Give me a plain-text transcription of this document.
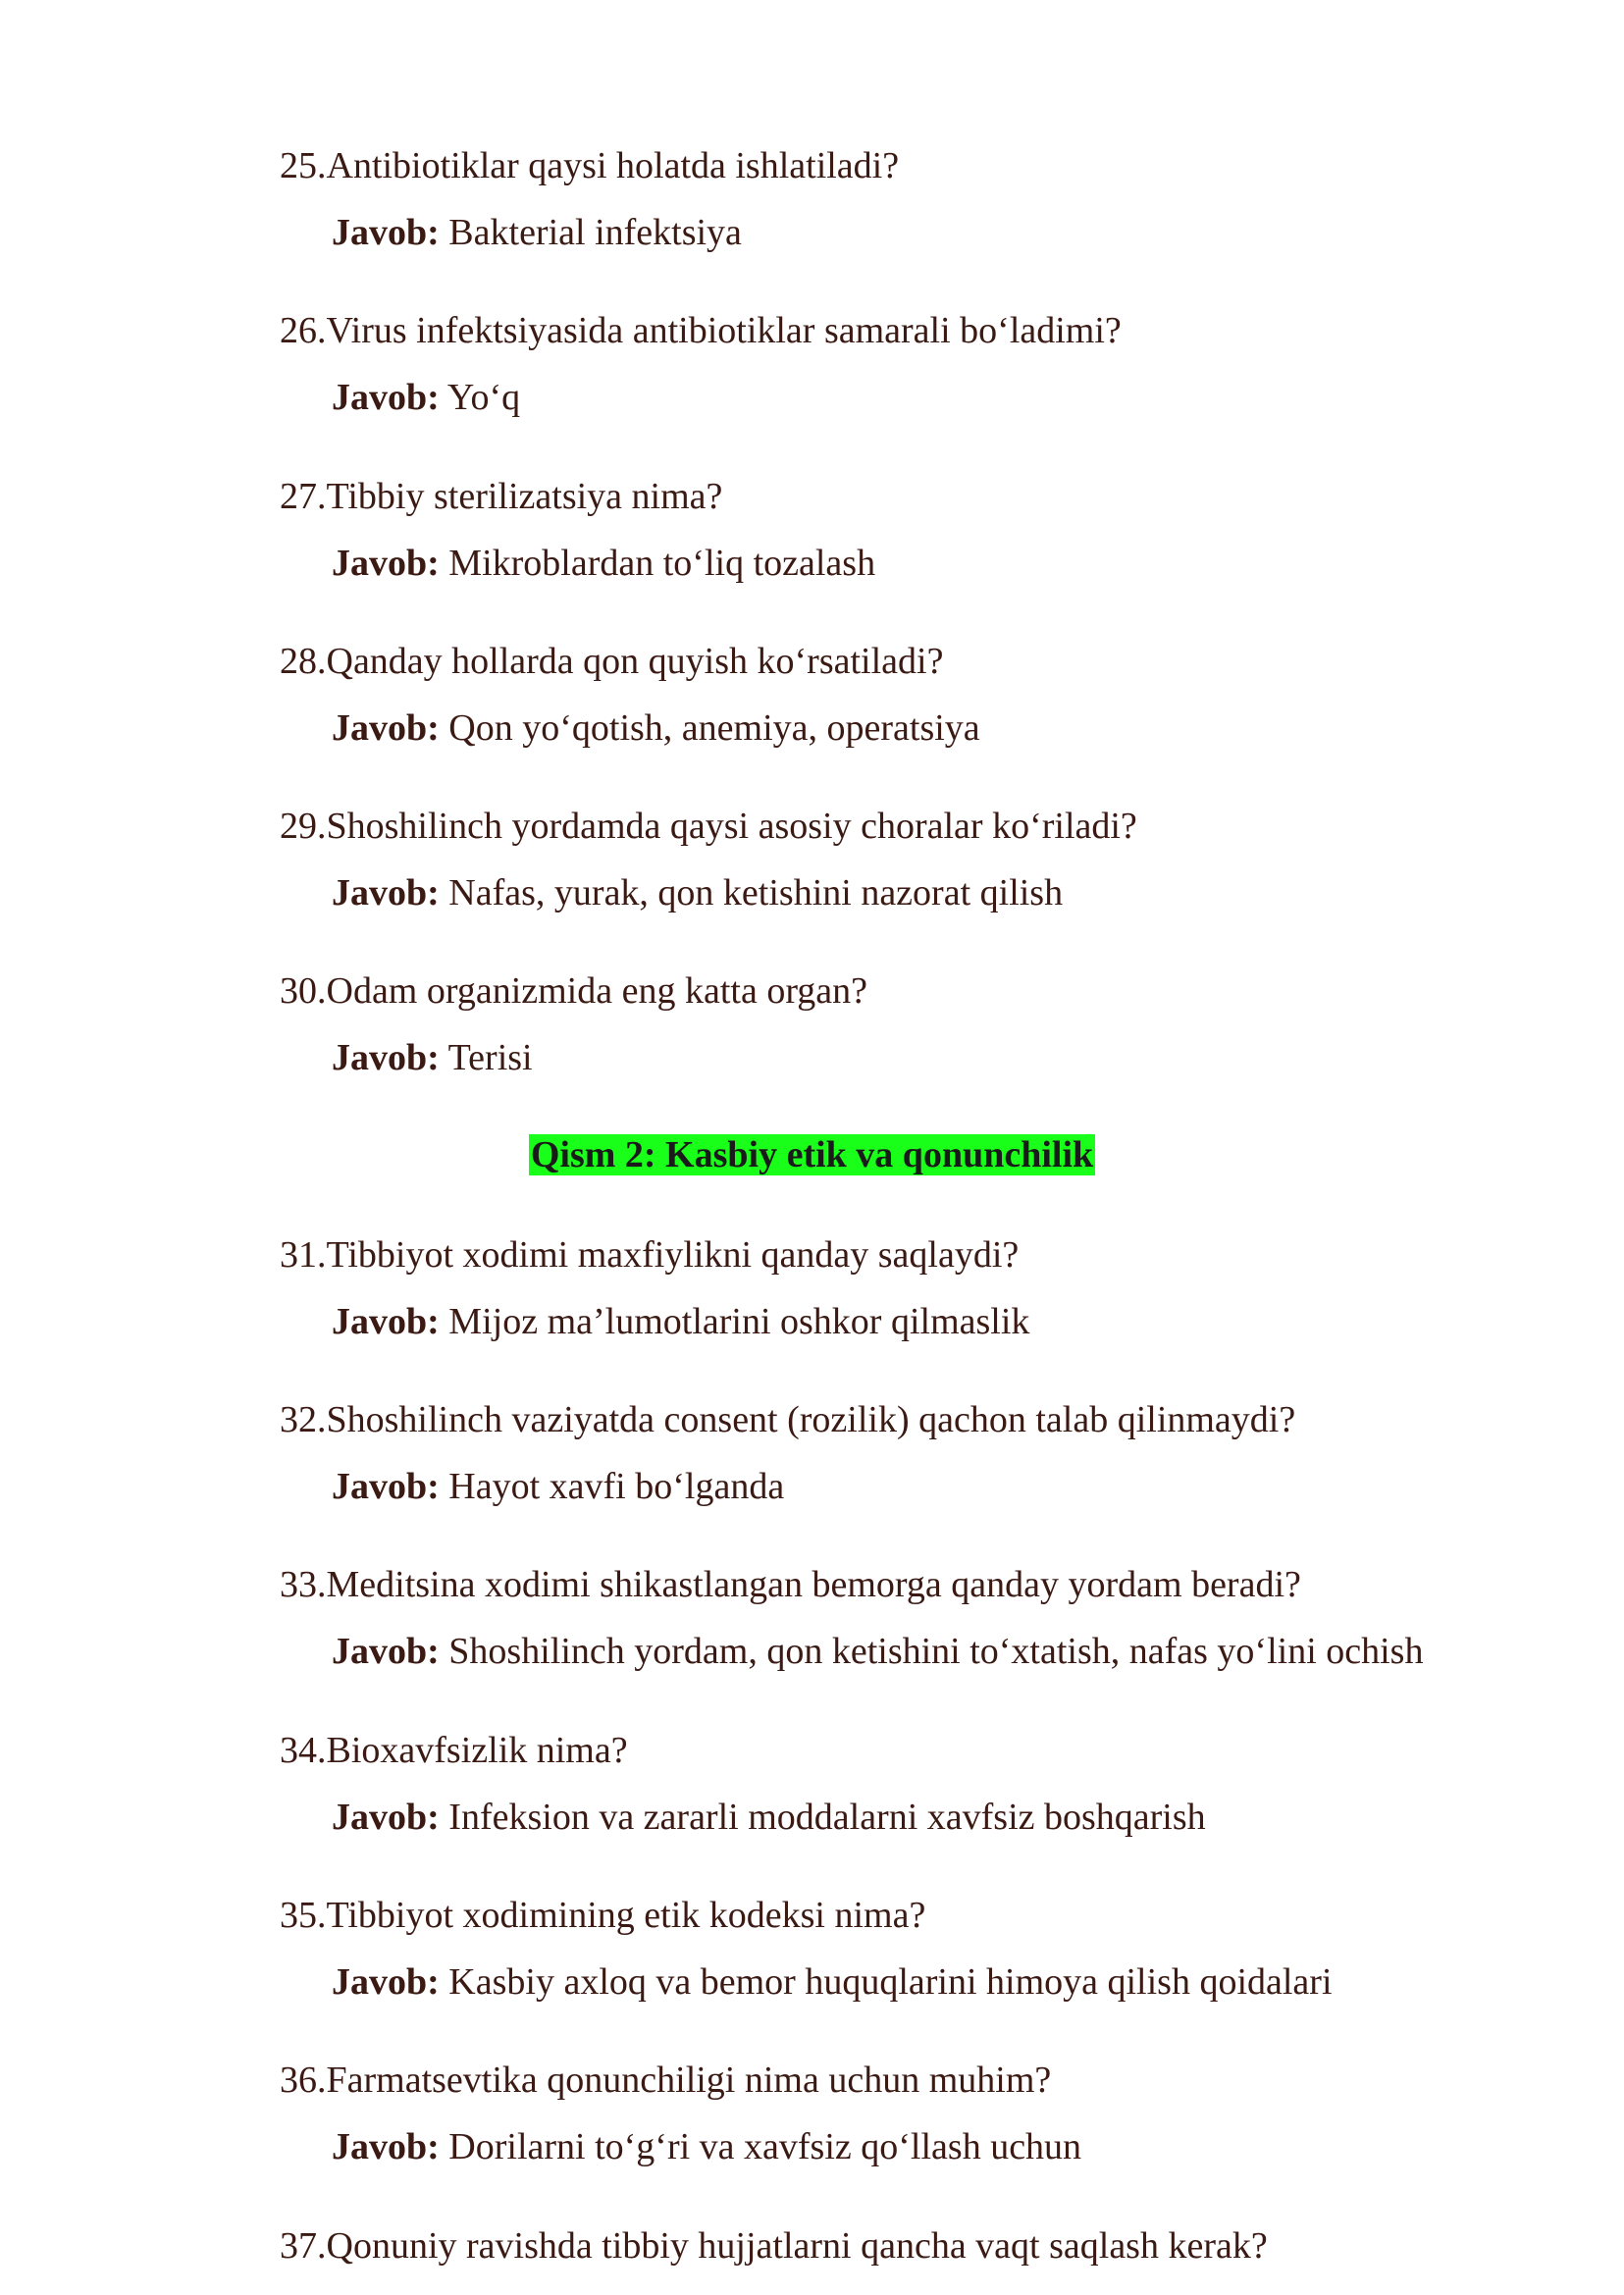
25.Antibiotiklar qaysi holatda ishlatiladi?

Javob: Bakterial infektsiya

26.Virus infektsiyasida antibiotiklar samarali bo‘ladimi?

Javob: Yo‘q

27.Tibbiy sterilizatsiya nima?

Javob: Mikroblardan to‘liq tozalash

28.Qanday hollarda qon quyish ko‘rsatiladi?

Javob: Qon yo‘qotish, anemiya, operatsiya

29.Shoshilinch yordamda qaysi asosiy choralar ko‘riladi?

Javob: Nafas, yurak, qon ketishini nazorat qilish

30.Odam organizmida eng katta organ?

Javob: Terisi

Qism 2: Kasbiy etik va qonunchilik

31.Tibbiyot xodimi maxfiylikni qanday saqlaydi?

Javob: Mijoz ma’lumotlarini oshkor qilmaslik

32.Shoshilinch vaziyatda consent (rozilik) qachon talab qilinmaydi?

Javob: Hayot xavfi bo‘lganda

33.Meditsina xodimi shikastlangan bemorga qanday yordam beradi?

Javob: Shoshilinch yordam, qon ketishini to‘xtatish, nafas yo‘lini ochish

34.Bioxavfsizlik nima?

Javob: Infeksion va zararli moddalarni xavfsiz boshqarish

35.Tibbiyot xodimining etik kodeksi nima?

Javob: Kasbiy axloq va bemor huquqlarini himoya qilish qoidalari

36.Farmatsevtika qonunchiligi nima uchun muhim?

Javob: Dorilarni to‘g‘ri va xavfsiz qo‘llash uchun

37.Qonuniy ravishda tibbiy hujjatlarni qancha vaqt saqlash kerak?
